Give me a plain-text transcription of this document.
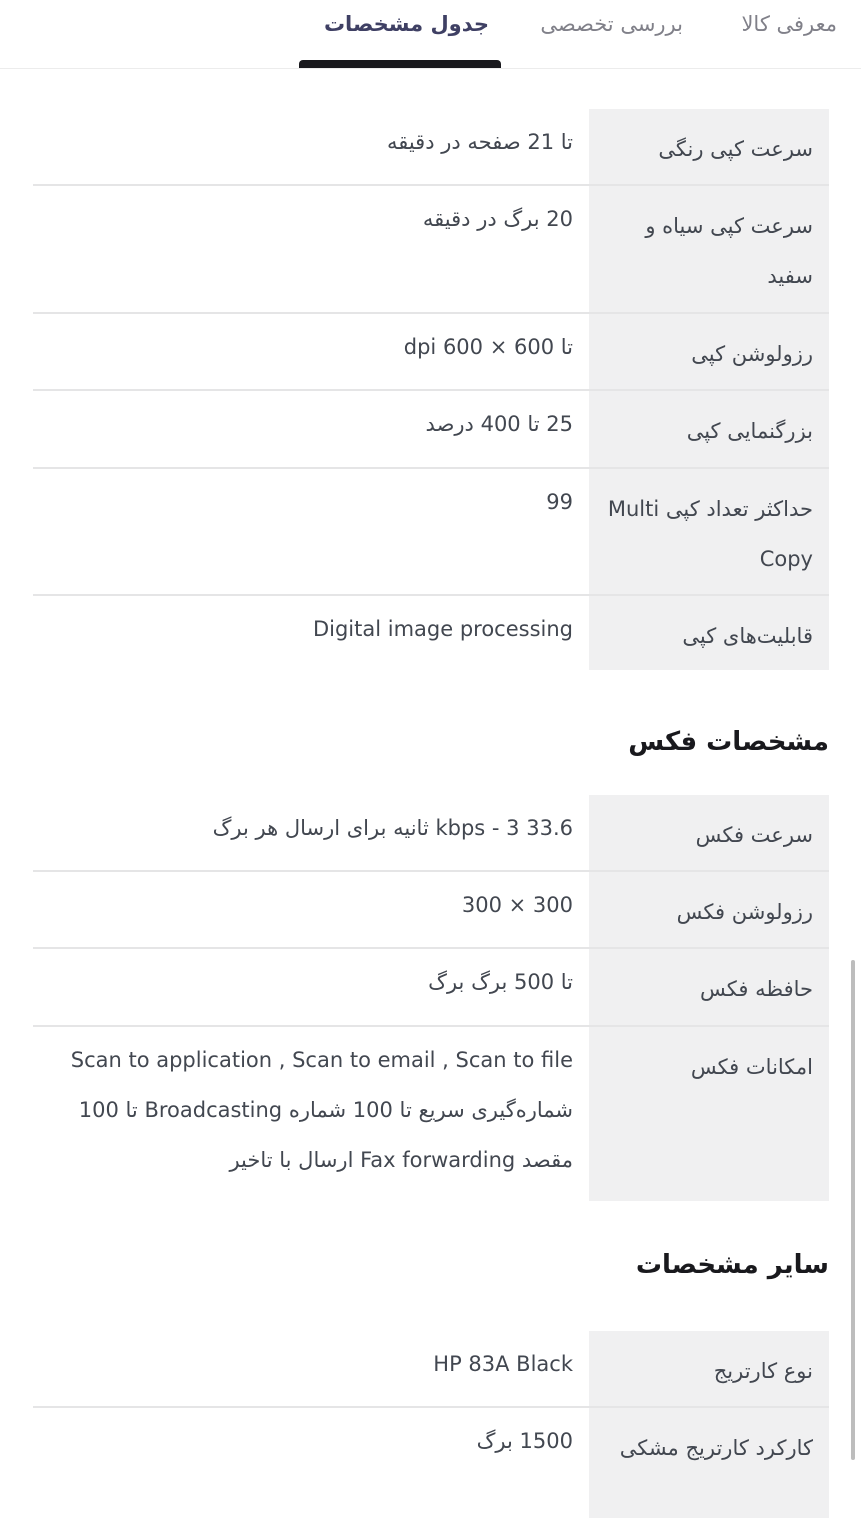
معرفی کالا
بررسی تخصصی
جدول مشخصات
سرعت کپی رنگی
تا 21 صفحه در دقیقه
سرعت کپی سیاه و سفید
20 برگ در دقیقه
رزولوشن کپی
تا 600 × 600 dpi
بزرگنمایی کپی
25 تا 400 درصد
حداکثر تعداد کپی Multi Copy
99
قابلیت‌های کپی
Digital image processing
مشخصات فکس
سرعت فکس
33.6 kbps - 3 ثانیه برای ارسال هر برگ
رزولوشن فکس
300 × 300
حافظه فکس
تا 500 برگ برگ
امکانات فکس
Scan to application , Scan to email , Scan to file شماره‌گیری سریع تا 100 شماره Broadcasting تا 100 مقصد Fax forwarding ارسال با تاخیر
سایر مشخصات
نوع کارتریج
HP 83A Black
کارکرد کارتریج مشکی
1500 برگ
